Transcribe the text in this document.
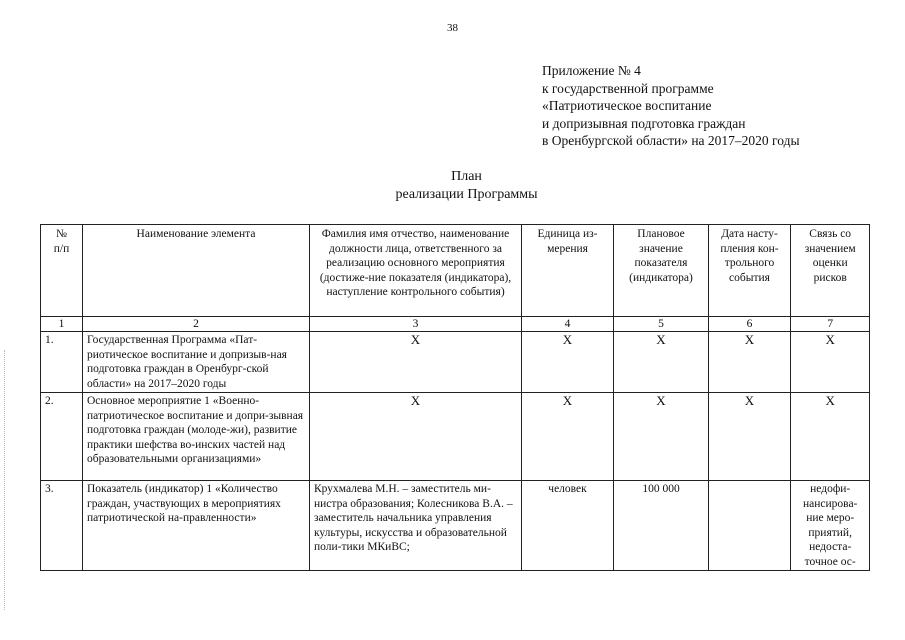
38
Приложение № 4
к государственной программе
«Патриотическое воспитание
и допризывная подготовка граждан
в Оренбургской области» на 2017–2020 годы
План
реализации Программы
№ п/п	Наименование элемента	Фамилия имя отчество, наименование должности лица, ответственного за реализацию основного мероприятия (достиже-ние показателя (индикатора), наступление контрольного события)	Единица из-мерения	Плановое значение показателя (индикатора)	Дата насту-пления кон-трольного события	Связь со значением оценки рисков
1	2	3	4	5	6	7
1.	Государственная Программа «Пат-риотическое воспитание и допризыв-ная подготовка граждан в Оренбург-ской области» на 2017–2020 годы	X	X	X	X	X
2.	Основное мероприятие 1 «Военно-патриотическое воспитание и допри-зывная подготовка граждан (молоде-жи), развитие практики шефства во-инских частей над образовательными организациями»	X	X	X	X	X
3.	Показатель (индикатор) 1 «Количество граждан, участвующих в мероприятиях патриотической на-правленности»	Крухмалева М.Н. – заместитель ми-нистра образования; Колесникова В.А. – заместитель начальника управления культуры, искусства и образовательной поли-тики МКиВС;	человек	100 000		недофи-нансирова-ние меро-приятий, недоста-точное ос-
